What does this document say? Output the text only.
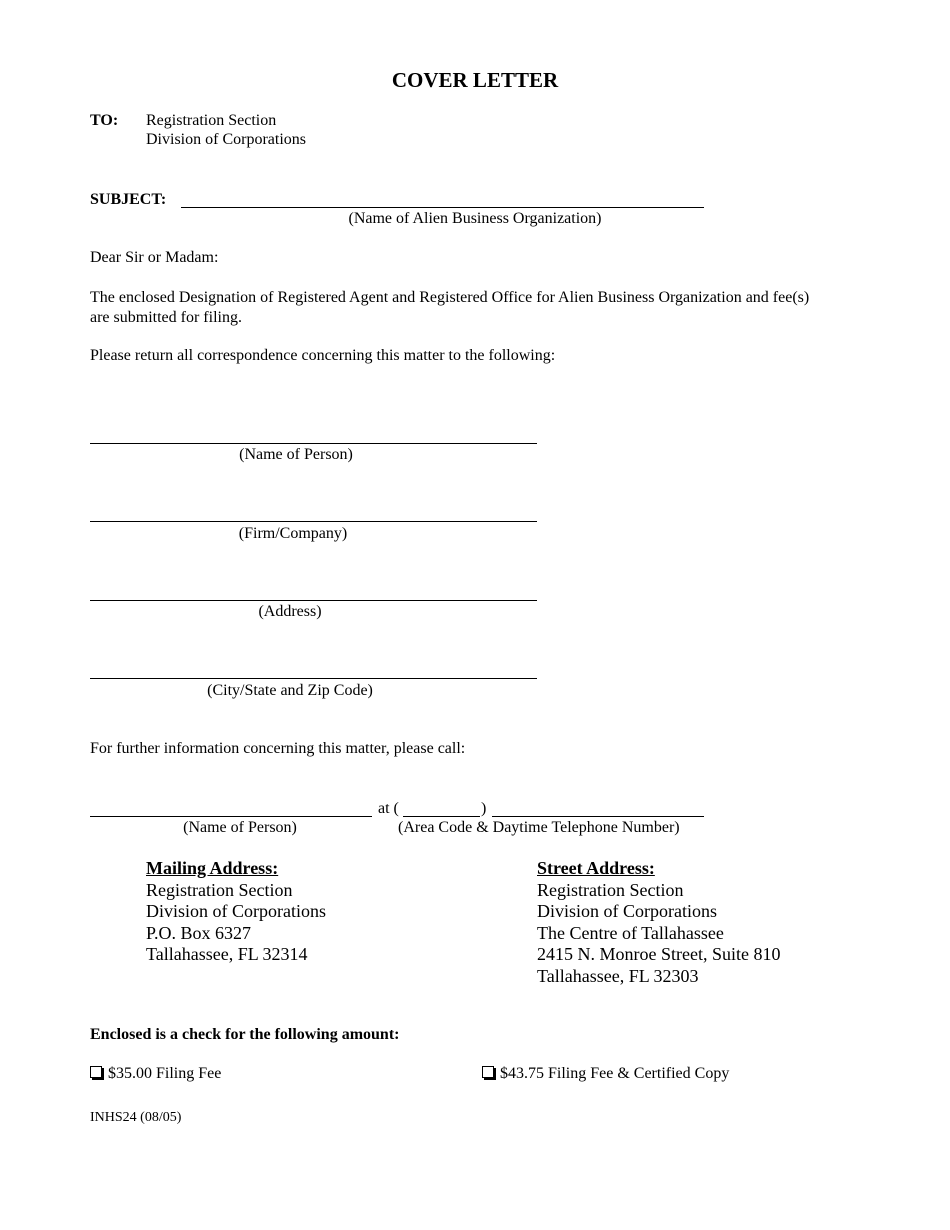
COVER LETTER
TO: Registration Section
Division of Corporations
SUBJECT:
(Name of Alien Business Organization)
Dear Sir or Madam:
The enclosed Designation of Registered Agent and Registered Office for Alien Business Organization and fee(s)
are submitted for filing.
Please return all correspondence concerning this matter to the following:
(Name of Person)
(Firm/Company)
(Address)
(City/State and Zip Code)
For further information concerning this matter, please call:
at (	)
(Name of Person)	(Area Code & Daytime Telephone Number)
Mailing Address:
Registration Section
Division of Corporations
P.O. Box 6327
Tallahassee, FL 32314
Street Address:
Registration Section
Division of Corporations
The Centre of Tallahassee
2415 N. Monroe Street, Suite 810
Tallahassee, FL 32303
Enclosed is a check for the following amount:
$35.00 Filing Fee	$43.75 Filing Fee & Certified Copy
INHS24 (08/05)
